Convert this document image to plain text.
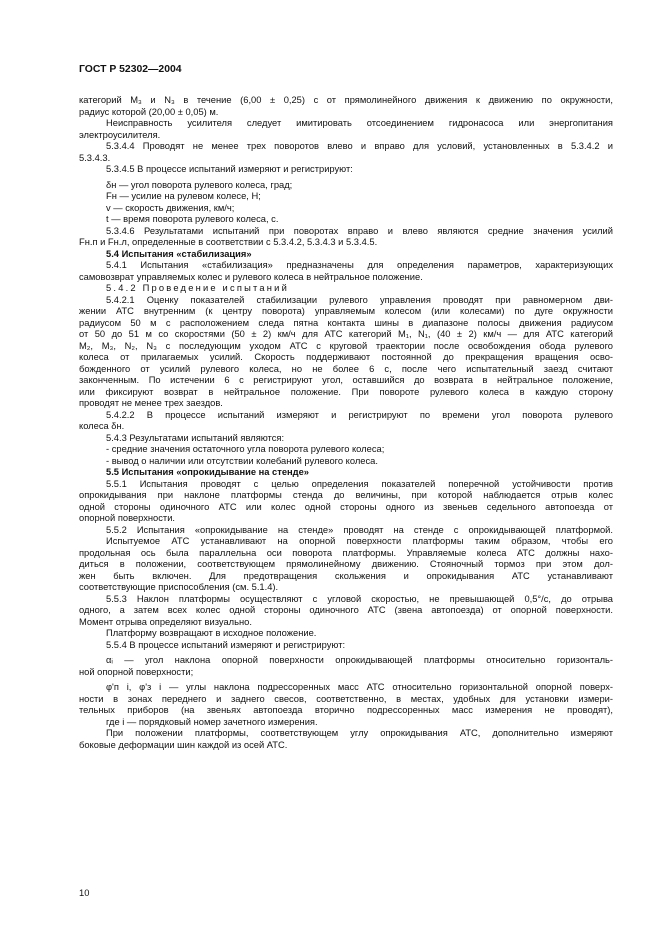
ГОСТ Р 52302—2004

категорий М₃ и N₃ в течение (6,00 ± 0,25) с от прямолинейного движения к движению по окружности,

радиус которой (20,00 ± 0,05) м.

Неисправность усилителя следует имитировать отсоединением гидронасоса или энергопитания

электроусилителя.

5.3.4.4 Проводят не менее трех поворотов влево и вправо для условий, установленных в 5.3.4.2 и

5.3.4.3.

5.3.4.5 В процессе испытаний измеряют и регистрируют:

δн — угол поворота рулевого колеса, град;

Fн — усилие на рулевом колесе, Н;

v — скорость движения, км/ч;

t — время поворота рулевого колеса, с.

5.3.4.6 Результатами испытаний при поворотах вправо и влево являются средние значения усилий

Fн.п и Fн.л, определенные в соответствии с 5.3.4.2, 5.3.4.3 и 5.3.4.5.

5.4 Испытания «стабилизация»

5.4.1 Испытания «стабилизация» предназначены для определения параметров, характеризующих

самовозврат управляемых колес и рулевого колеса в нейтральное положение.

5.4.2 Проведение испытаний

5.4.2.1 Оценку показателей стабилизации рулевого управления проводят при равномерном дви-

жении АТС внутренним (к центру поворота) управляемым колесом (или колесами) по дуге окружности

радиусом 50 м с расположением следа пятна контакта шины в диапазоне полосы движения радиусом

от 50 до 51 м со скоростями (50 ± 2) км/ч для АТС категорий М₁, N₁, (40 ± 2) км/ч — для АТС категорий

М₂, М₃, N₂, N₃ с последующим уходом АТС с круговой траектории после освобождения обода рулевого

колеса от прилагаемых усилий. Скорость поддерживают постоянной до прекращения вращения осво-

божденного от усилий рулевого колеса, но не более 6 с, после чего испытательный заезд считают

законченным. По истечении 6 с регистрируют угол, оставшийся до возврата в нейтральное положение,

или фиксируют возврат в нейтральное положение. При повороте рулевого колеса в каждую сторону

проводят не менее трех заездов.

5.4.2.2 В процессе испытаний измеряют и регистрируют по времени угол поворота рулевого

колеса δн.

5.4.3 Результатами испытаний являются:

- средние значения остаточного угла поворота рулевого колеса;

- вывод о наличии или отсутствии колебаний рулевого колеса.

5.5 Испытания «опрокидывание на стенде»

5.5.1 Испытания проводят с целью определения показателей поперечной устойчивости против

опрокидывания при наклоне платформы стенда до величины, при которой наблюдается отрыв колес

одной стороны одиночного АТС или колес одной стороны одного из звеньев седельного автопоезда от

опорной поверхности.

5.5.2 Испытания «опрокидывание на стенде» проводят на стенде с опрокидывающей платформой.

Испытуемое АТС устанавливают на опорной поверхности платформы таким образом, чтобы его

продольная ось была параллельна оси поворота платформы. Управляемые колеса АТС должны нахо-

диться в положении, соответствующем прямолинейному движению. Стояночный тормоз при этом дол-

жен быть включен. Для предотвращения скольжения и опрокидывания АТС устанавливают

соответствующие приспособления (см. 5.1.4).

5.5.3 Наклон платформы осуществляют с угловой скоростью, не превышающей 0,5°/с, до отрыва

одного, а затем всех колес одной стороны одиночного АТС (звена автопоезда) от опорной поверхности.

Момент отрыва определяют визуально.

Платформу возвращают в исходное положение.

5.5.4 В процессе испытаний измеряют и регистрируют:

αᵢ — угол наклона опорной поверхности опрокидывающей платформы относительно горизонталь-

ной опорной поверхности;

φ'п i, φ'з i — углы наклона подрессоренных масс АТС относительно горизонтальной опорной поверх-

ности в зонах переднего и заднего свесов, соответственно, в местах, удобных для установки измери-

тельных приборов (на звеньях автопоезда вторично подрессоренных масс измерения не проводят),

где i — порядковый номер зачетного измерения.

При положении платформы, соответствующем углу опрокидывания АТС, дополнительно измеряют

боковые деформации шин каждой из осей АТС.

10
